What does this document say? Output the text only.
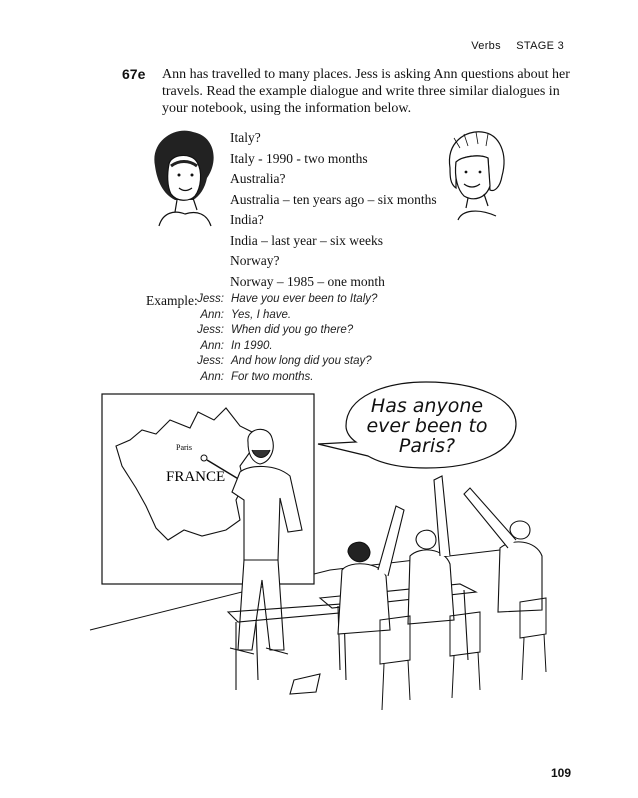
Verbs STAGE 3
67e Ann has travelled to many places. Jess is asking Ann questions about her travels. Read the example dialogue and write three similar dialogues in your notebook, using the information below.
Italy?
Italy - 1990 - two months
Australia?
Australia – ten years ago – six months
India?
India – last year – six weeks
Norway?
Norway – 1985 – one month
Example: Jess:
Ann:
Jess:
Ann:
Jess:
Ann:
Have you ever been to Italy?
Yes, I have.
When did you go there?
In 1990.
And how long did you stay?
For two months.
Paris
FRANCE
Has anyone
ever been to
Paris?
109
